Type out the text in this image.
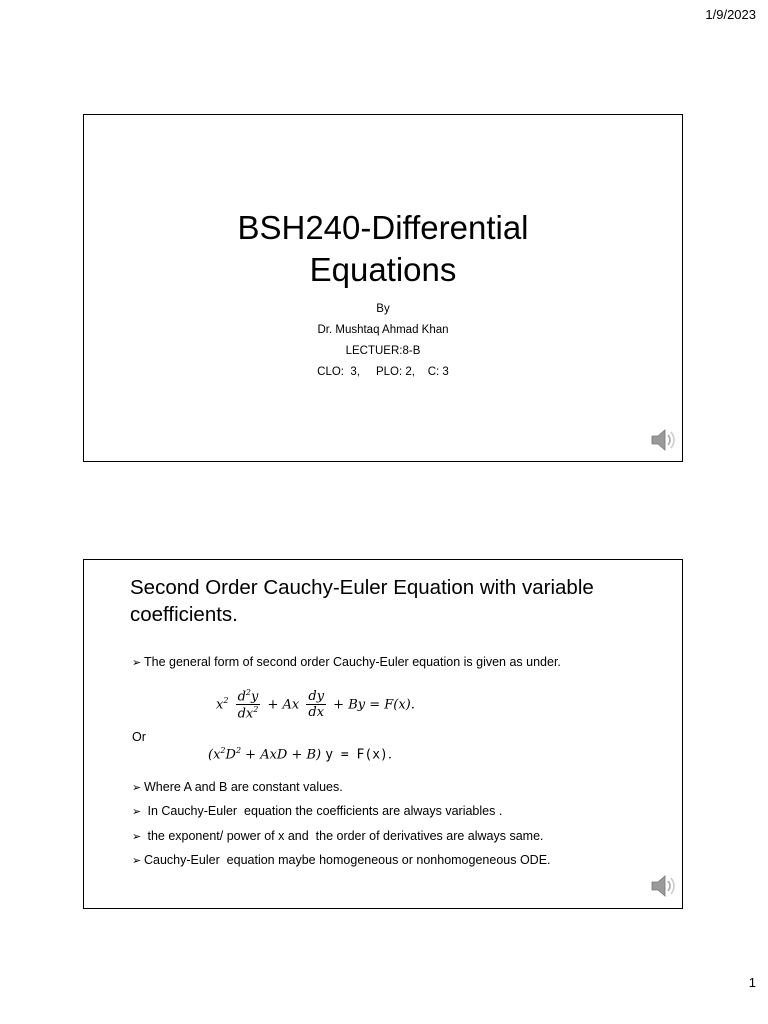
1/9/2023
BSH240-Differential
Equations
By
Dr. Mushtaq Ahmad Khan
LECTUER:8-B
CLO:  3,     PLO: 2,    C: 3
Second Order Cauchy-Euler Equation with variable coefficients.
➢ The general form of second order Cauchy-Euler equation is given as under.
$x^2 \frac{d^2y}{dx^2} + Ax \frac{dy}{dx} + By = F(x)$.
Or
($x^2D^2$ + AxD + B) y = F(x).
➢ Where A and B are constant values.
➢ In Cauchy-Euler  equation the coefficients are always variables .
➢ the exponent/ power of x and  the order of derivatives are always same.
➢ Cauchy-Euler  equation maybe homogeneous or nonhomogeneous ODE.
1
